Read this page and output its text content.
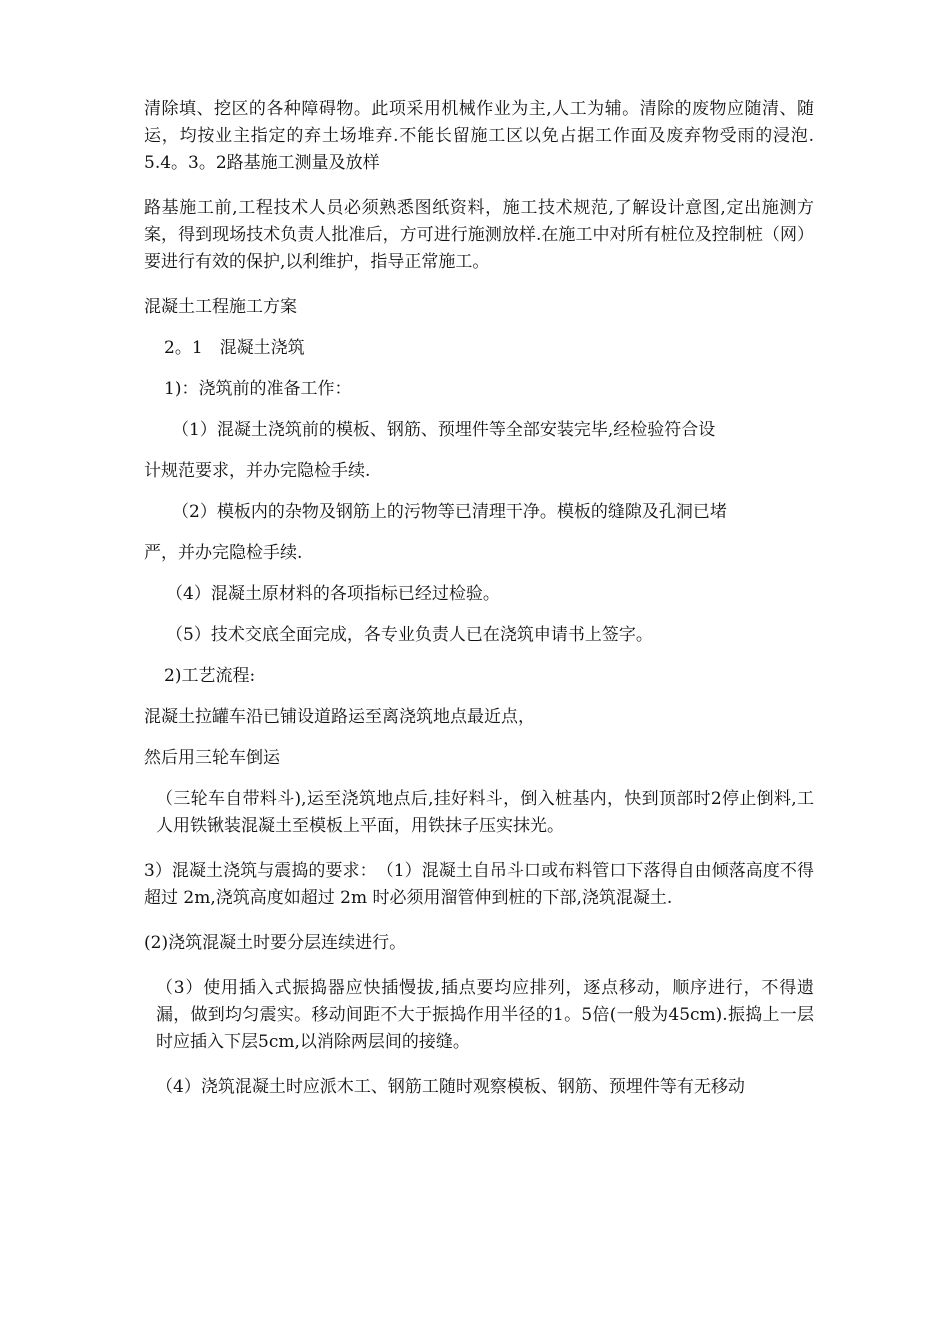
清除填、挖区的各种障碍物。此项采用机械作业为主,人工为辅。清除的废物应随清、随运，均按业主指定的弃土场堆弃.不能长留施工区以免占据工作面及废弃物受雨的浸泡.　5.4。3。2路基施工测量及放样

路基施工前,工程技术人员必须熟悉图纸资料，施工技术规范,了解设计意图,定出施测方案，得到现场技术负责人批准后，方可进行施测放样.在施工中对所有桩位及控制桩（网）要进行有效的保护,以利维护，指导正常施工。

混凝土工程施工方案

2。1　混凝土浇筑

1)：浇筑前的准备工作：

（1）混凝土浇筑前的模板、钢筋、预埋件等全部安装完毕,经检验符合设

计规范要求，并办完隐检手续.

（2）模板内的杂物及钢筋上的污物等已清理干净。模板的缝隙及孔洞已堵

严，并办完隐检手续.

（4）混凝土原材料的各项指标已经过检验。

（5）技术交底全面完成，各专业负责人已在浇筑申请书上签字。

2)工艺流程:

混凝土拉罐车沿已铺设道路运至离浇筑地点最近点，

然后用三轮车倒运

（三轮车自带料斗),运至浇筑地点后,挂好料斗，倒入桩基内，快到顶部时2停止倒料,工人用铁锹装混凝土至模板上平面，用铁抹子压实抹光。

3）混凝土浇筑与震捣的要求：　（1）混凝土自吊斗口或布料管口下落得自由倾落高度不得超过 2m,浇筑高度如超过 2m 时必须用溜管伸到桩的下部,浇筑混凝土.

(2)浇筑混凝土时要分层连续进行。

（3）使用插入式振捣器应快插慢拔,插点要均应排列，逐点移动，顺序进行，不得遗漏，做到均匀震实。移动间距不大于振捣作用半径的1。5倍(一般为45cm).振捣上一层时应插入下层5cm,以消除两层间的接缝。

（4）浇筑混凝土时应派木工、钢筋工随时观察模板、钢筋、预埋件等有无移动
